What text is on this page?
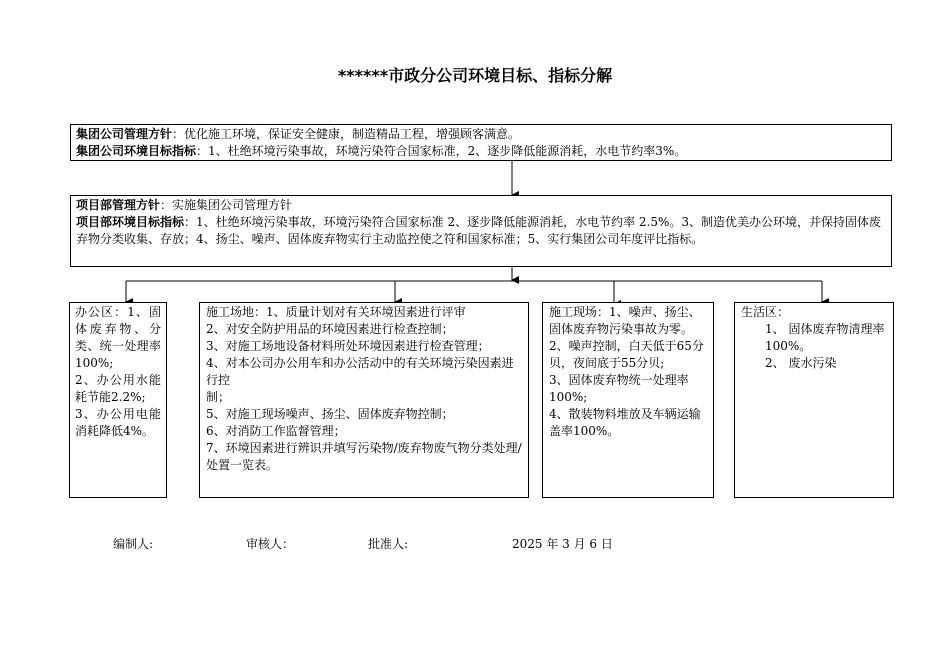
******市政分公司环境目标、指标分解
集团公司管理方针：优化施工环境，保证安全健康，制造精品工程，增强顾客满意。
集团公司环境目标指标：1、杜绝环境污染事故，环境污染符合国家标准，2、逐步降低能源消耗，水电节约率3%。
项目部管理方针：实施集团公司管理方针
项目部环境目标指标：1、杜绝环境污染事故，环境污染符合国家标准 2、逐步降低能源消耗，水电节约率 2.5%。3、制造优美办公环境，并保持固体废弃物分类收集、存放；4、扬尘、噪声、固体废弃物实行主动监控使之符和国家标准；5、实行集团公司年度评比指标。
办公区：1、固体废弃物、分类、统一处理率100%;
2、办公用水能耗节能2.2%;
3、办公用电能消耗降低4%。
施工场地：1、质量计划对有关环境因素进行评审
2、对安全防护用品的环境因素进行检查控制；
3、对施工场地设备材料所处环境因素进行检查管理；
4、对本公司办公用车和办公活动中的有关环境污染因素进行控
制；
5、对施工现场噪声、扬尘、固体废弃物控制；
6、对消防工作监督管理；
7、环境因素进行辨识并填写污染物/废弃物废气物分类处理/处置一览表。
施工现场：1、噪声、扬尘、固体废弃物污染事故为零。
2、噪声控制，白天低于65分贝，夜间底于55分贝;
3、固体废弃物统一处理率100%;
4、散装物料堆放及车辆运输盖率100%。
生活区：
1、 固体废弃物清理率100%。
2、 废水污染
编制人:	审核人：	批准人:	2025 年 3 月 6 日
